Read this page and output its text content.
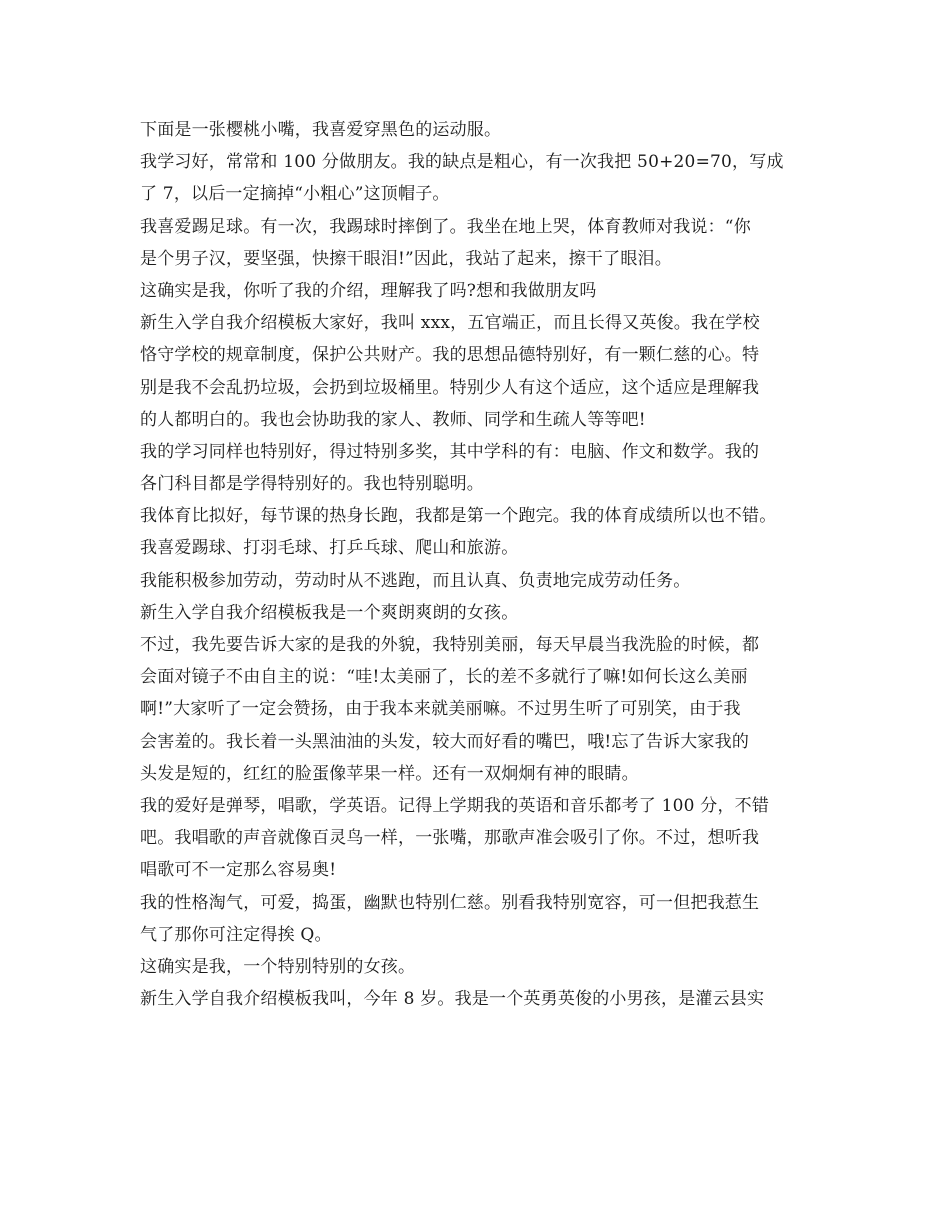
下面是一张樱桃小嘴，我喜爱穿黑色的运动服。
我学习好，常常和 100 分做朋友。我的缺点是粗心，有一次我把 50+20=70，写成
了 7，以后一定摘掉“小粗心”这顶帽子。
我喜爱踢足球。有一次，我踢球时摔倒了。我坐在地上哭，体育教师对我说：“你
是个男子汉，要坚强，快擦干眼泪!”因此，我站了起来，擦干了眼泪。
这确实是我，你听了我的介绍，理解我了吗?想和我做朋友吗
新生入学自我介绍模板大家好，我叫 xxx，五官端正，而且长得又英俊。我在学校
恪守学校的规章制度，保护公共财产。我的思想品德特别好，有一颗仁慈的心。特
别是我不会乱扔垃圾，会扔到垃圾桶里。特别少人有这个适应，这个适应是理解我
的人都明白的。我也会协助我的家人、教师、同学和生疏人等等吧!
我的学习同样也特别好，得过特别多奖，其中学科的有：电脑、作文和数学。我的
各门科目都是学得特别好的。我也特别聪明。
我体育比拟好，每节课的热身长跑，我都是第一个跑完。我的体育成绩所以也不错。
我喜爱踢球、打羽毛球、打乒乓球、爬山和旅游。
我能积极参加劳动，劳动时从不逃跑，而且认真、负责地完成劳动任务。
新生入学自我介绍模板我是一个爽朗爽朗的女孩。
不过，我先要告诉大家的是我的外貌，我特别美丽，每天早晨当我洗脸的时候，都
会面对镜子不由自主的说：“哇!太美丽了，长的差不多就行了嘛!如何长这么美丽
啊!”大家听了一定会赞扬，由于我本来就美丽嘛。不过男生听了可别笑，由于我
会害羞的。我长着一头黑油油的头发，较大而好看的嘴巴，哦!忘了告诉大家我的
头发是短的，红红的脸蛋像苹果一样。还有一双炯炯有神的眼睛。
我的爱好是弹琴，唱歌，学英语。记得上学期我的英语和音乐都考了 100 分，不错
吧。我唱歌的声音就像百灵鸟一样，一张嘴，那歌声准会吸引了你。不过，想听我
唱歌可不一定那么容易奥!
我的性格淘气，可爱，捣蛋，幽默也特别仁慈。别看我特别宽容，可一但把我惹生
气了那你可注定得挨 Q。
这确实是我，一个特别特别的女孩。
新生入学自我介绍模板我叫，今年 8 岁。我是一个英勇英俊的小男孩，是灌云县实
